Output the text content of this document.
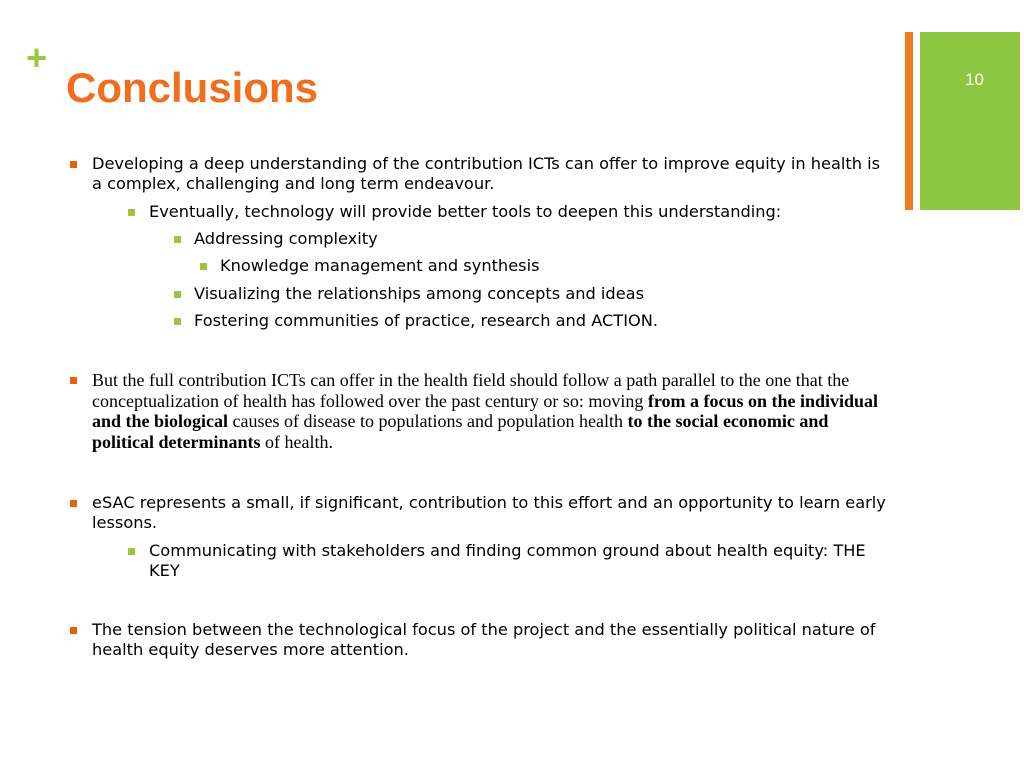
+
Conclusions	10
Developing a deep understanding of the contribution ICTs can offer to improve equity in health is a complex, challenging and long term endeavour.
Eventually, technology will provide better tools to deepen this understanding:
Addressing complexity
Knowledge management and synthesis
Visualizing the relationships among concepts and ideas
Fostering communities of practice, research and ACTION.
But the full contribution ICTs can offer in the health field should follow a path parallel to the one that the conceptualization of health has followed over the past century or so: moving from a focus on the individual and the biological causes of disease to populations and population health to the social economic and political determinants of health.
eSAC represents a small, if significant, contribution to this effort and an opportunity to learn early lessons.
Communicating with stakeholders and finding common ground about health equity: THE KEY
The tension between the technological focus of the project and the essentially political nature of health equity deserves more attention.
